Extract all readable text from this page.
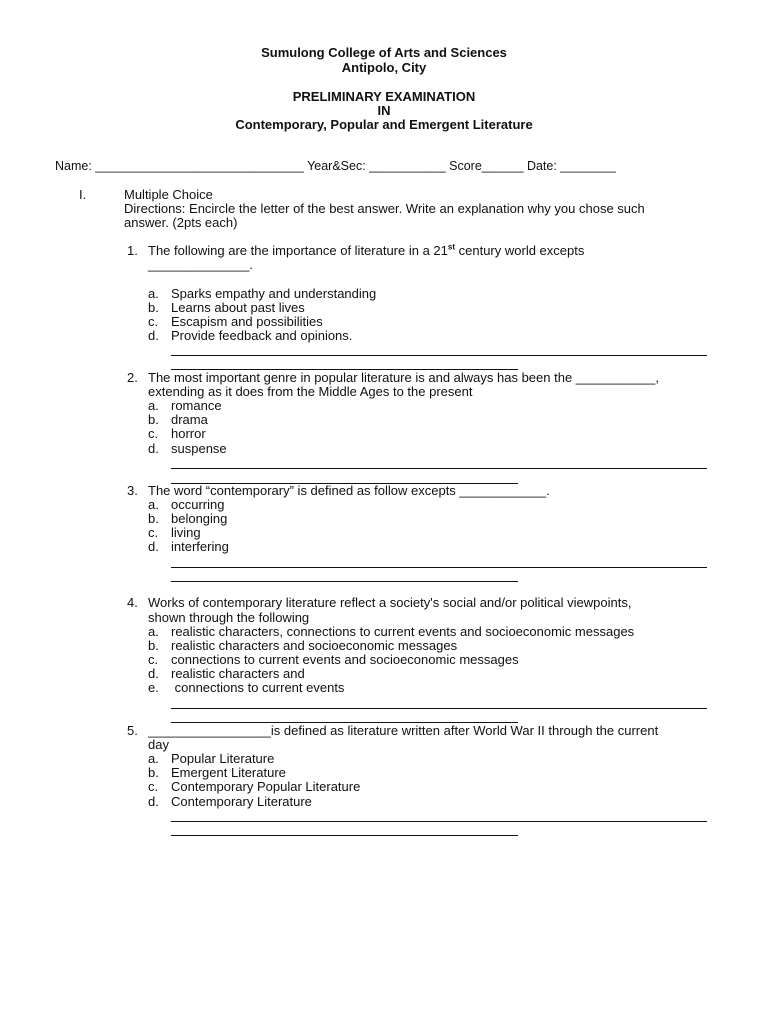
Sumulong College of Arts and Sciences
Antipolo, City
PRELIMINARY EXAMINATION
IN
Contemporary, Popular and Emergent Literature
Name: ______________________________ Year&Sec: ___________ Score______ Date: ________
I.	Multiple Choice
Directions: Encircle the letter of the best answer. Write an explanation why you chose such
answer. (2pts each)
1. The following are the importance of literature in a 21st century world excepts
______________.
a. Sparks empathy and understanding
b. Learns about past lives
c. Escapism and possibilities
d. Provide feedback and opinions.
2. The most important genre in popular literature is and always has been the ___________,
extending as it does from the Middle Ages to the present
a. romance
b. drama
c. horror
d. suspense
3. The word “contemporary” is defined as follow excepts ____________.
a. occurring
b. belonging
c. living
d. interfering
4. Works of contemporary literature reflect a society's social and/or political viewpoints,
shown through the following
a. realistic characters, connections to current events and socioeconomic messages
b. realistic characters and socioeconomic messages
c. connections to current events and socioeconomic messages
d. realistic characters and
e. connections to current events
5. _________________is defined as literature written after World War II through the current
day
a. Popular Literature
b. Emergent Literature
c. Contemporary Popular Literature
d. Contemporary Literature
